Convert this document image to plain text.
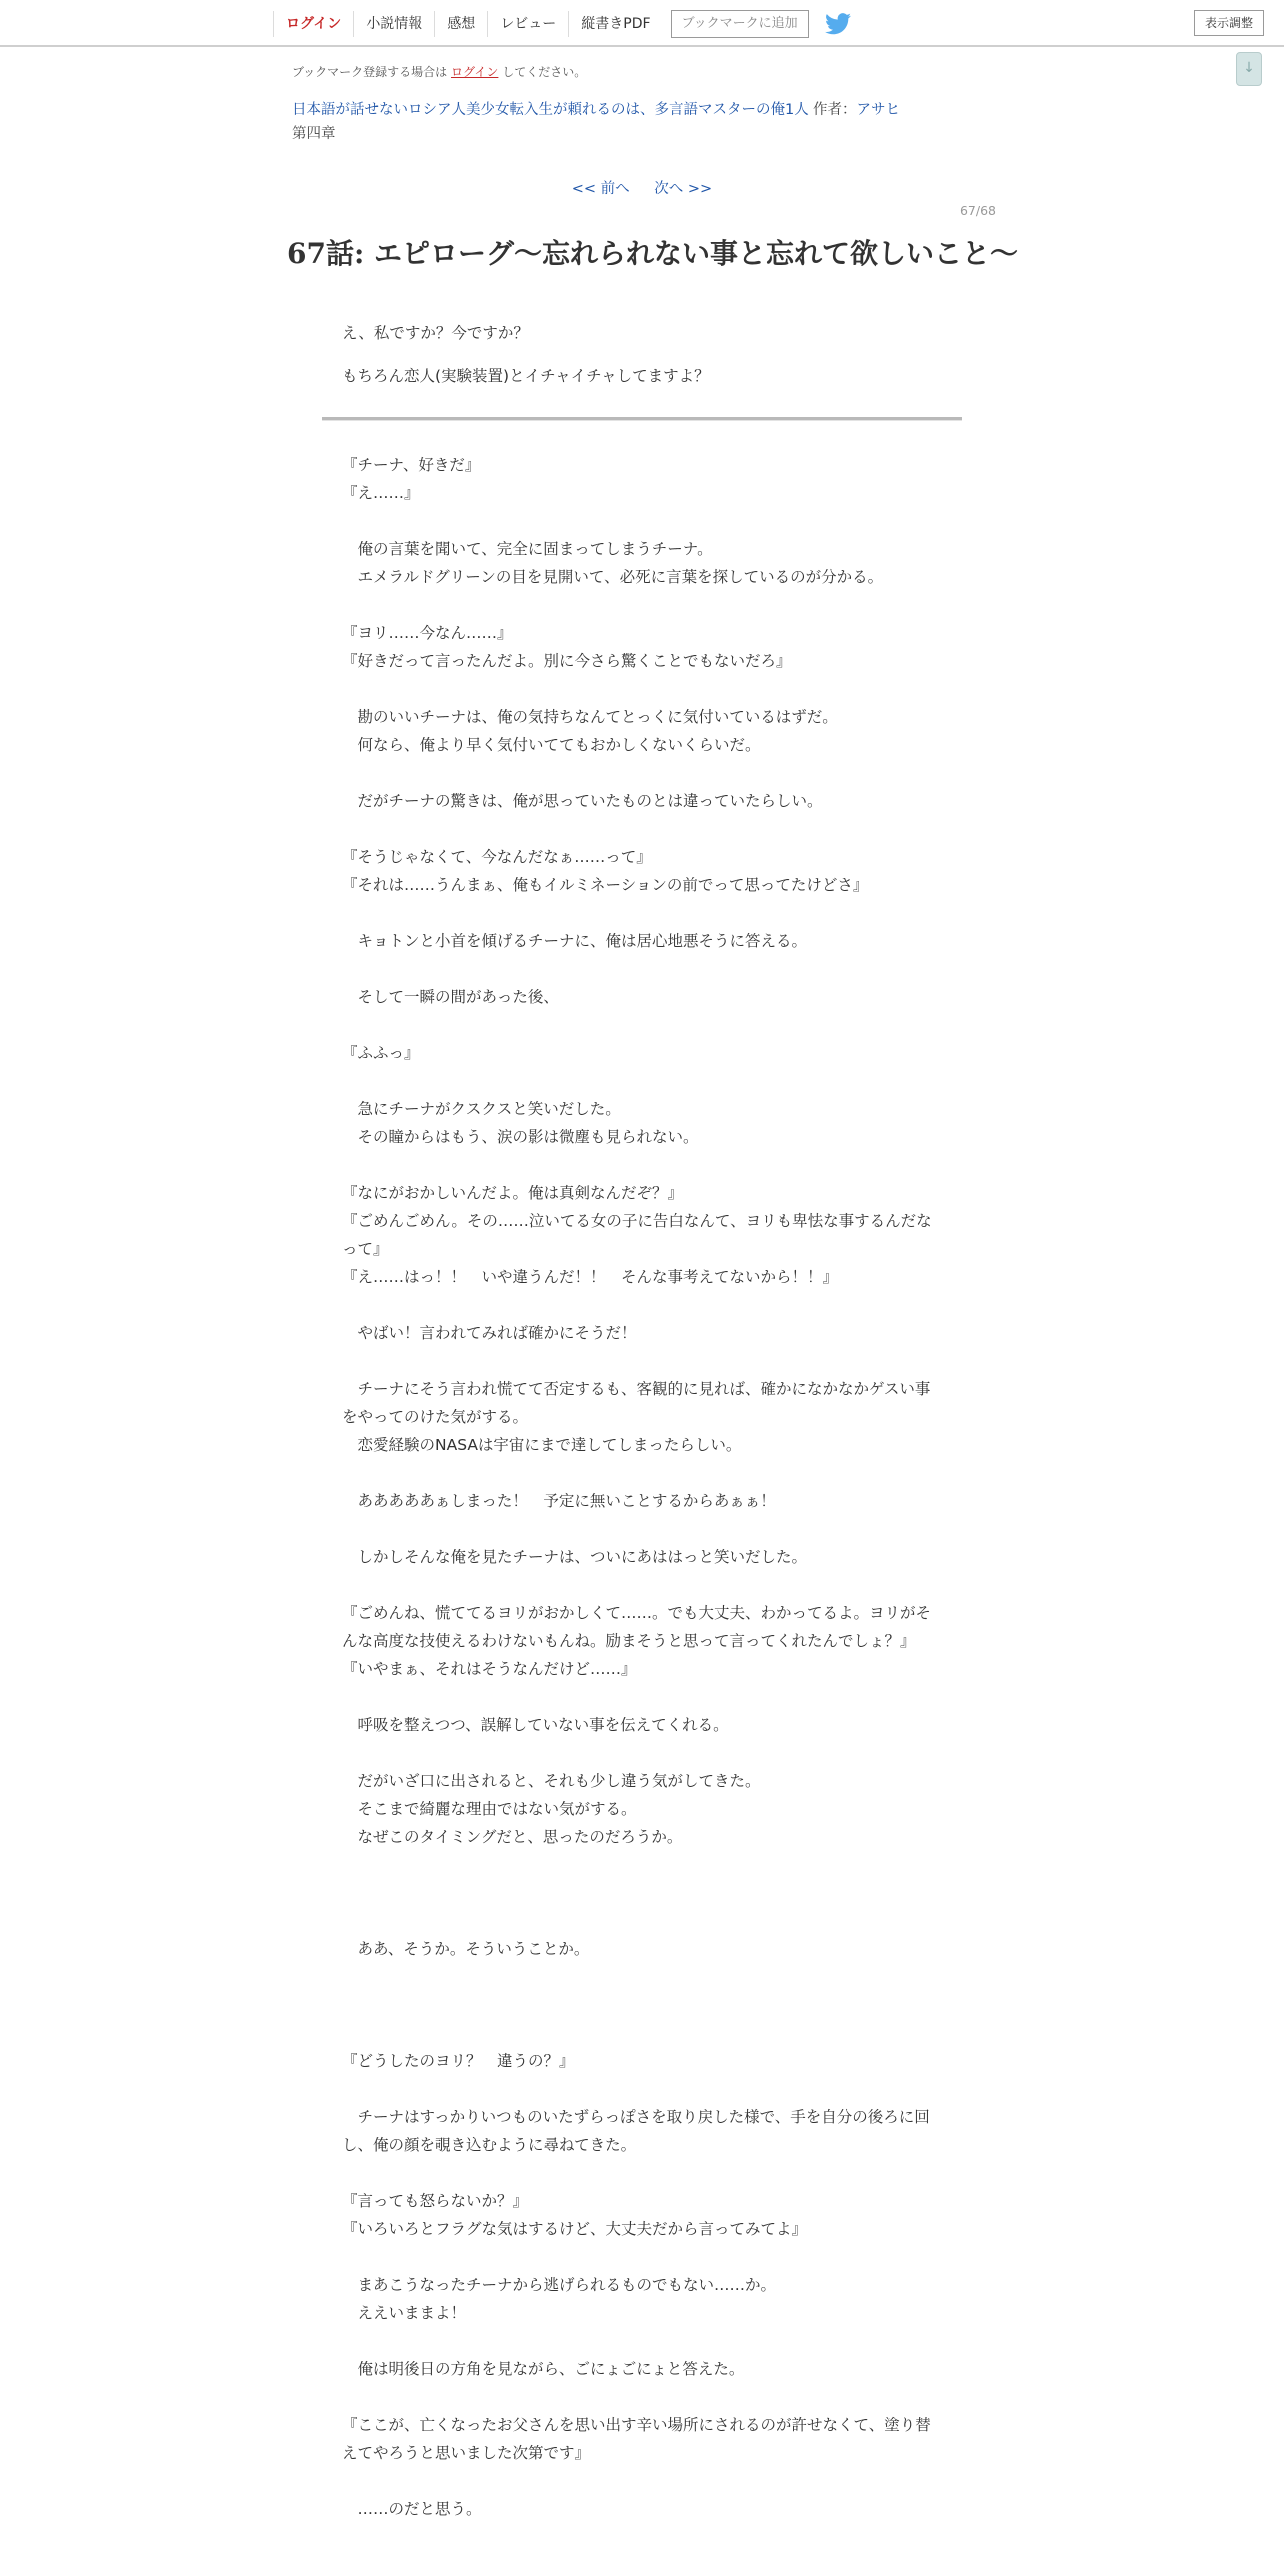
ログイン	小説情報	感想	レビュー	縦書きPDF	ブックマークに追加	表示調整
↓
ブックマーク登録する場合は ログイン してください。
日本語が話せないロシア人美少女転入生が頼れるのは、多言語マスターの俺1人 作者：アサヒ
第四章
<< 前へ 次へ >>
67/68
67話: エピローグ～忘れられない事と忘れて欲しいこと～

え、私ですか？今ですか？

もちろん恋人(実験装置)とイチャイチャしてますよ？

『チーナ、好きだ』

『え……』

　俺の言葉を聞いて、完全に固まってしまうチーナ。

　エメラルドグリーンの目を見開いて、必死に言葉を探しているのが分かる。

『ヨリ……今なん……』

『好きだって言ったんだよ。別に今さら驚くことでもないだろ』

　勘のいいチーナは、俺の気持ちなんてとっくに気付いているはずだ。

　何なら、俺より早く気付いててもおかしくないくらいだ。

　だがチーナの驚きは、俺が思っていたものとは違っていたらしい。

『そうじゃなくて、今なんだなぁ……って』

『それは……うんまぁ、俺もイルミネーションの前でって思ってたけどさ』

　キョトンと小首を傾げるチーナに、俺は居心地悪そうに答える。

　そして一瞬の間があった後、

『ふふっ』

　急にチーナがクスクスと笑いだした。

　その瞳からはもう、涙の影は微塵も見られない。

『なにがおかしいんだよ。俺は真剣なんだぞ？』

『ごめんごめん。その……泣いてる女の子に告白なんて、ヨリも卑怯な事するんだなって』

『え……はっ！！　いや違うんだ！！　そんな事考えてないから！！』

　やばい！言われてみれば確かにそうだ！

　チーナにそう言われ慌てて否定するも、客観的に見れば、確かになかなかゲスい事をやってのけた気がする。

　恋愛経験のNASAは宇宙にまで達してしまったらしい。

　あああああぁしまった！　予定に無いことするからあぁぁ！

　しかしそんな俺を見たチーナは、ついにあははっと笑いだした。

『ごめんね、慌ててるヨリがおかしくて……。でも大丈夫、わかってるよ。ヨリがそんな高度な技使えるわけないもんね。励まそうと思って言ってくれたんでしょ？』

『いやまぁ、それはそうなんだけど……』

　呼吸を整えつつ、誤解していない事を伝えてくれる。

　だがいざ口に出されると、それも少し違う気がしてきた。

　そこまで綺麗な理由ではない気がする。

　なぜこのタイミングだと、思ったのだろうか。

　ああ、そうか。そういうことか。

『どうしたのヨリ？　違うの？』

　チーナはすっかりいつものいたずらっぽさを取り戻した様で、手を自分の後ろに回し、俺の顔を覗き込むように尋ねてきた。

『言っても怒らないか？』

『いろいろとフラグな気はするけど、大丈夫だから言ってみてよ』

　まあこうなったチーナから逃げられるものでもない……か。

　ええいままよ！

　俺は明後日の方角を見ながら、ごにょごにょと答えた。

『ここが、亡くなったお父さんを思い出す辛い場所にされるのが許せなくて、塗り替えてやろうと思いました次第です』

　……のだと思う。
